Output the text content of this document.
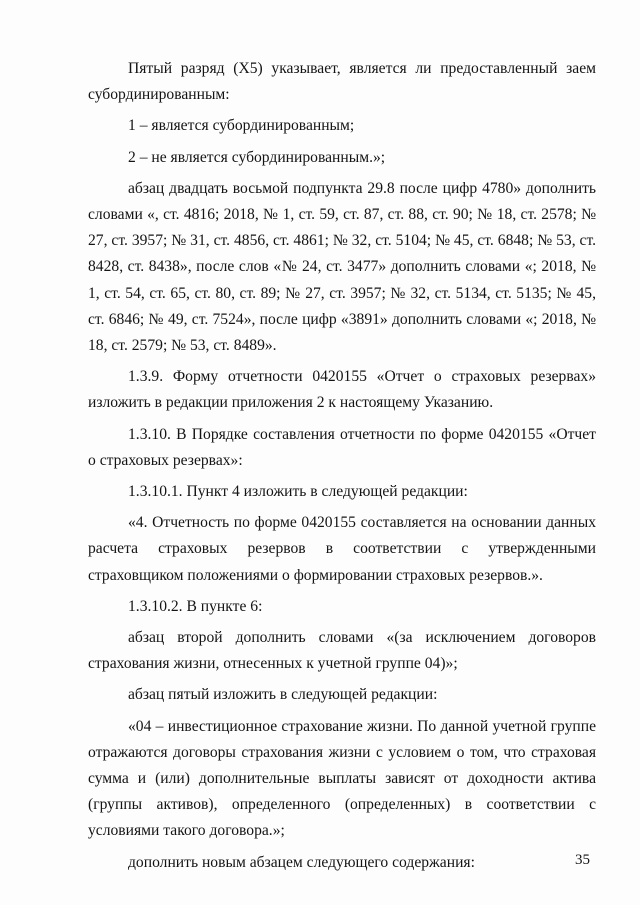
Пятый разряд (Х5) указывает, является ли предоставленный заем субординированным:

1 – является субординированным;

2 – не является субординированным.»;

абзац двадцать восьмой подпункта 29.8 после цифр 4780» дополнить словами «, ст. 4816; 2018, № 1, ст. 59, ст. 87, ст. 88, ст. 90; № 18, ст. 2578; № 27, ст. 3957; № 31, ст. 4856, ст. 4861; № 32, ст. 5104; № 45, ст. 6848; № 53, ст. 8428, ст. 8438», после слов «№ 24, ст. 3477» дополнить словами «; 2018, № 1, ст. 54, ст. 65, ст. 80, ст. 89; № 27, ст. 3957; № 32, ст. 5134, ст. 5135; № 45, ст. 6846; № 49, ст. 7524», после цифр «3891» дополнить словами «; 2018, № 18, ст. 2579; № 53, ст. 8489».

1.3.9. Форму отчетности 0420155 «Отчет о страховых резервах» изложить в редакции приложения 2 к настоящему Указанию.

1.3.10. В Порядке составления отчетности по форме 0420155 «Отчет о страховых резервах»:

1.3.10.1. Пункт 4 изложить в следующей редакции:

«4. Отчетность по форме 0420155 составляется на основании данных расчета страховых резервов в соответствии с утвержденными страховщиком положениями о формировании страховых резервов.».

1.3.10.2. В пункте 6:

абзац второй дополнить словами «(за исключением договоров страхования жизни, отнесенных к учетной группе 04)»;

абзац пятый изложить в следующей редакции:

«04 – инвестиционное страхование жизни. По данной учетной группе отражаются договоры страхования жизни с условием о том, что страховая сумма и (или) дополнительные выплаты зависят от доходности актива (группы активов), определенного (определенных) в соответствии с условиями такого договора.»;

дополнить новым абзацем следующего содержания:	35
